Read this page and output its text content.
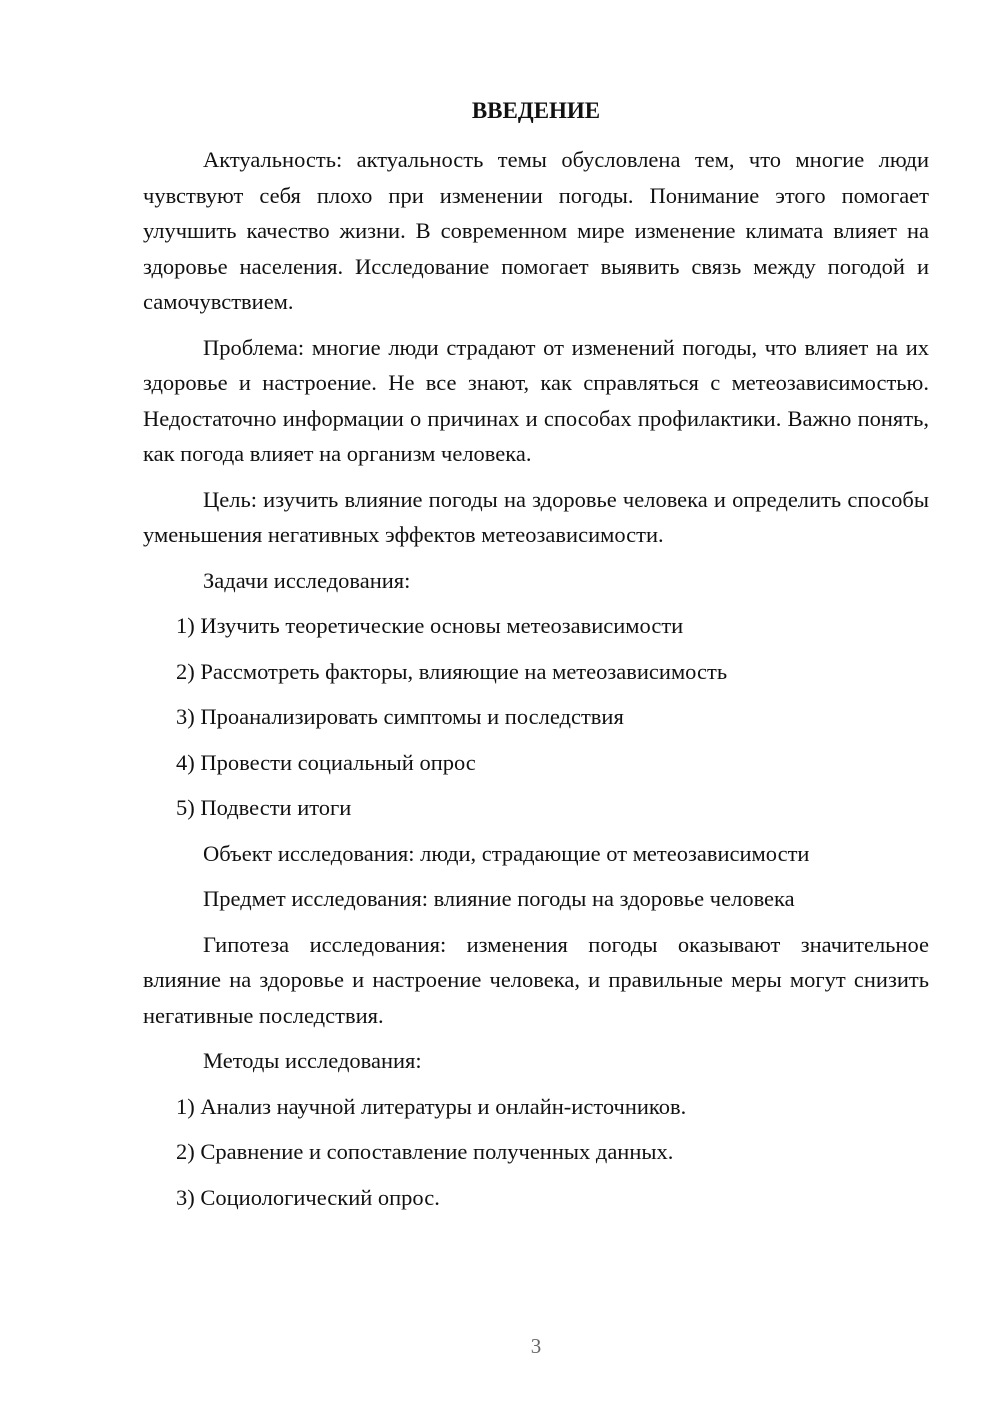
ВВЕДЕНИЕ

Актуальность: актуальность темы обусловлена тем, что многие люди чувствуют себя плохо при изменении погоды. Понимание этого помогает улучшить качество жизни. В современном мире изменение климата влияет на здоровье населения. Исследование помогает выявить связь между погодой и самочувствием.

Проблема: многие люди страдают от изменений погоды, что влияет на их здоровье и настроение. Не все знают, как справляться с метеозависимостью. Недостаточно информации о причинах и способах профилактики. Важно понять, как погода влияет на организм человека.

Цель: изучить влияние погоды на здоровье человека и определить способы уменьшения негативных эффектов метеозависимости.

Задачи исследования:

1) Изучить теоретические основы метеозависимости

2) Рассмотреть факторы, влияющие на метеозависимость

3) Проанализировать симптомы и последствия

4) Провести социальный опрос

5) Подвести итоги

Объект исследования: люди, страдающие от метеозависимости

Предмет исследования: влияние погоды на здоровье человека

Гипотеза исследования: изменения погоды оказывают значительное влияние на здоровье и настроение человека, и правильные меры могут снизить негативные последствия.

Методы исследования:

1) Анализ научной литературы и онлайн-источников.

2) Сравнение и сопоставление полученных данных.

3) Социологический опрос.

3
